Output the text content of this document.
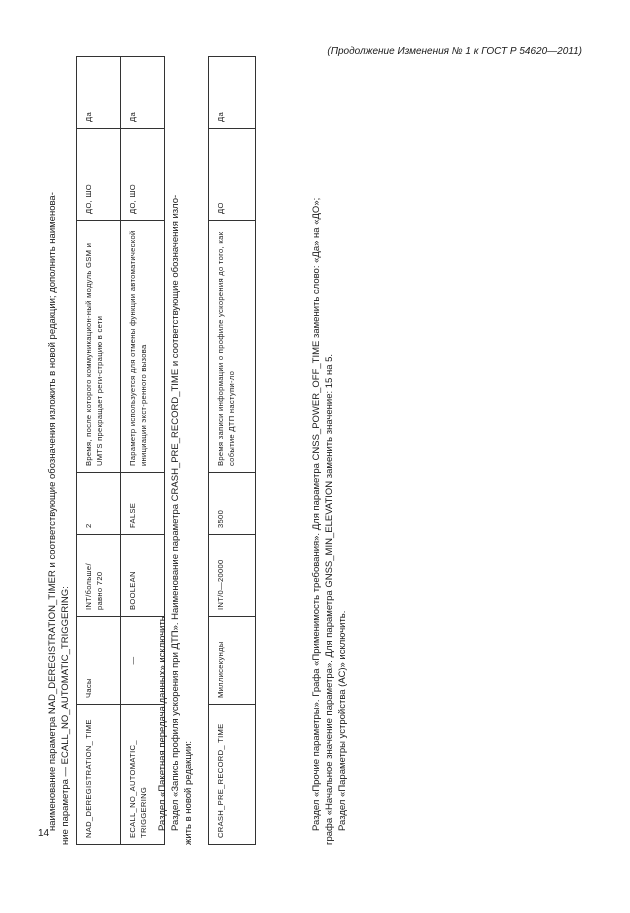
(Продолжение Изменения № 1 к ГОСТ Р 54620—2011)
14

наименование параметра NAD_DEREGISTRATION_TIMER и соответствующие обозначения изложить в новой редакции; дополнить наименова- ние параметра — ECALL_NO_AUTOMATIC_TRIGGERING: NAD_DEREGISTRATION_ TIME	Часы	INT/больше/ равно 720	2	Время, после которого коммуникацион-ный модуль GSM и UMTS прекращает реги-страцию в сети	ДО, ШО	Да
ECALL_NO_AUTOMATIC_ TRIGGERING	—	BOOLEAN	FALSE	Параметр используется для отмены функции автоматической инициации экст-ренного вызова	ДО, ШО	Да

Раздел «Пакетная передача данных» исключить. Раздел «Запись профиля ускорения при ДТП». Наименование параметра CRASH_PRE_RECORD_TIME и соответствующие обозначения изло- жить в новой редакции:	CRASH_PRE_RECORD_ TIME	Миллисекунды	INT/0—20000	3500	Время записи информации о профиле ускорения до того, как событие ДТП наступи-ло	ДО	Да

Раздел «Прочие параметры». Графа «Применимость требования». Для параметра CNSS_POWER_OFF_TIME заменить слово: «Да» на «ДО»; графа «Начальное значение параметра». Для параметра GNSS_MIN_ELEVATION заменить значение: 15 на 5. Раздел «Параметры устройства (АС)» исключить.
